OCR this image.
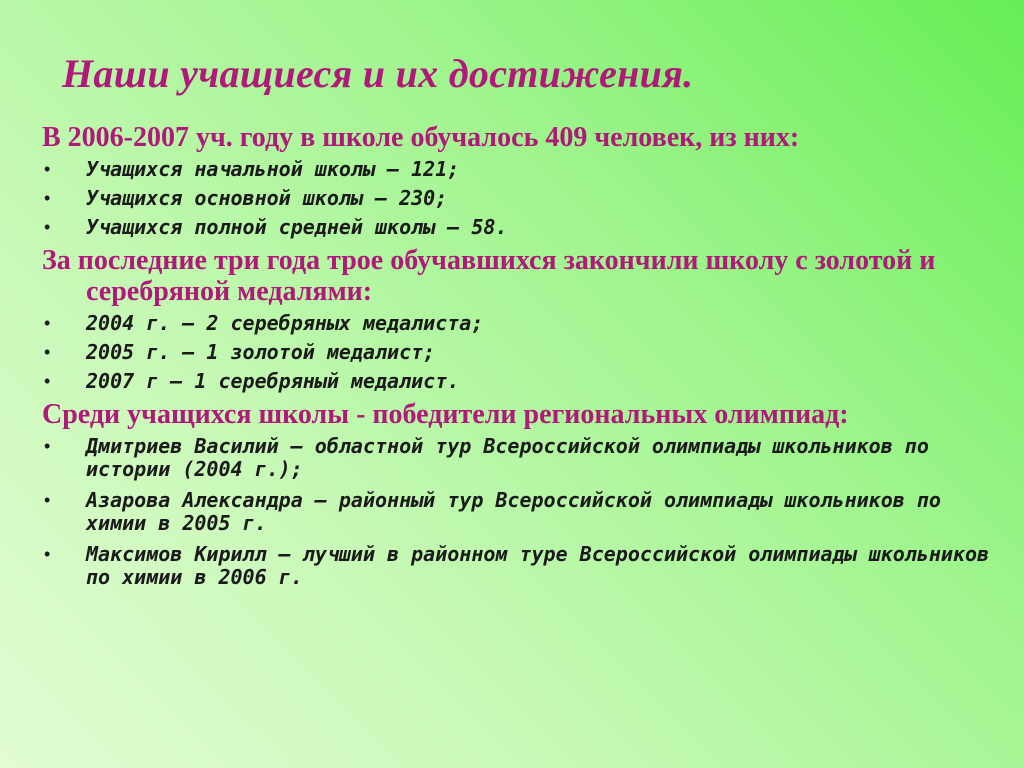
Наши учащиеся и их достижения.
В 2006-2007 уч. году в школе обучалось 409 человек, из них:
• Учащихся начальной школы – 121;
• Учащихся основной школы – 230;
• Учащихся полной средней школы – 58.
За последние три года трое обучавшихся закончили школу с золотой и серебряной медалями:
• 2004 г. – 2 серебряных медалиста;
• 2005 г. – 1 золотой медалист;
• 2007 г – 1 серебряный медалист.
Среди учащихся школы - победители региональных олимпиад:
• Дмитриев Василий – областной тур Всероссийской олимпиады школьников по истории (2004 г.);
• Азарова Александра – районный тур Всероссийской олимпиады школьников по химии в 2005 г.
• Максимов Кирилл – лучший в районном туре Всероссийской олимпиады школьников по химии в 2006 г.
